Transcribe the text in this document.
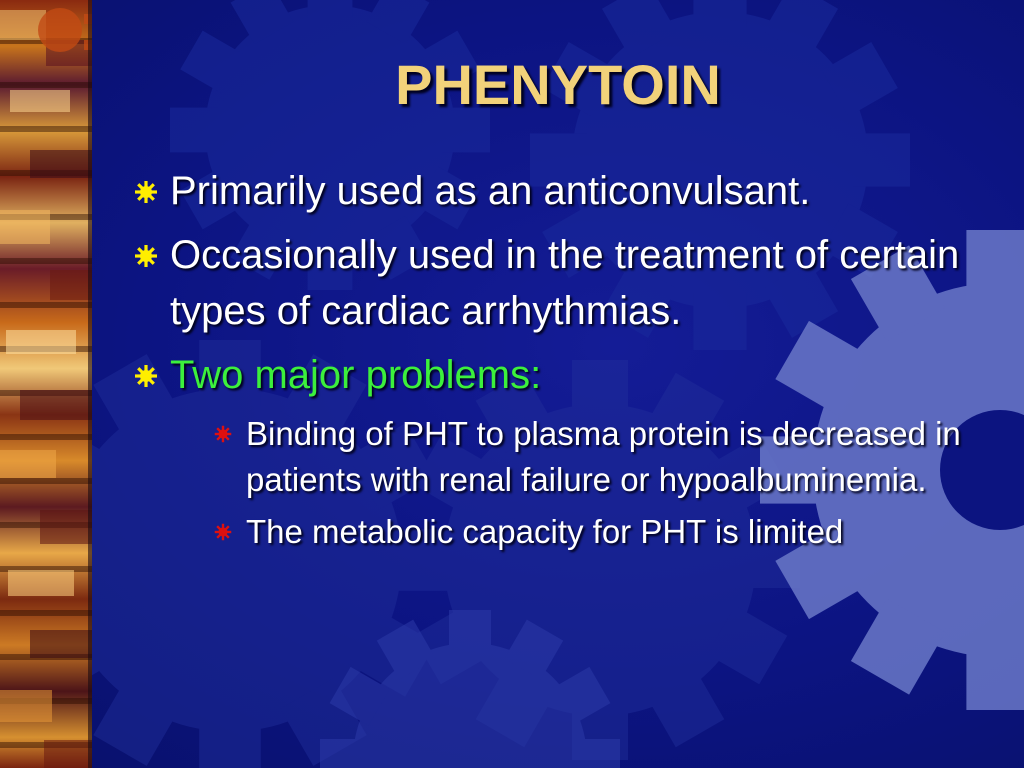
PHENYTOIN
Primarily used as an anticonvulsant.
Occasionally used in the treatment of certain types of cardiac arrhythmias.
Two major problems:
Binding of PHT to plasma protein is decreased in patients with renal failure or hypoalbuminemia.
The metabolic capacity for PHT is limited
